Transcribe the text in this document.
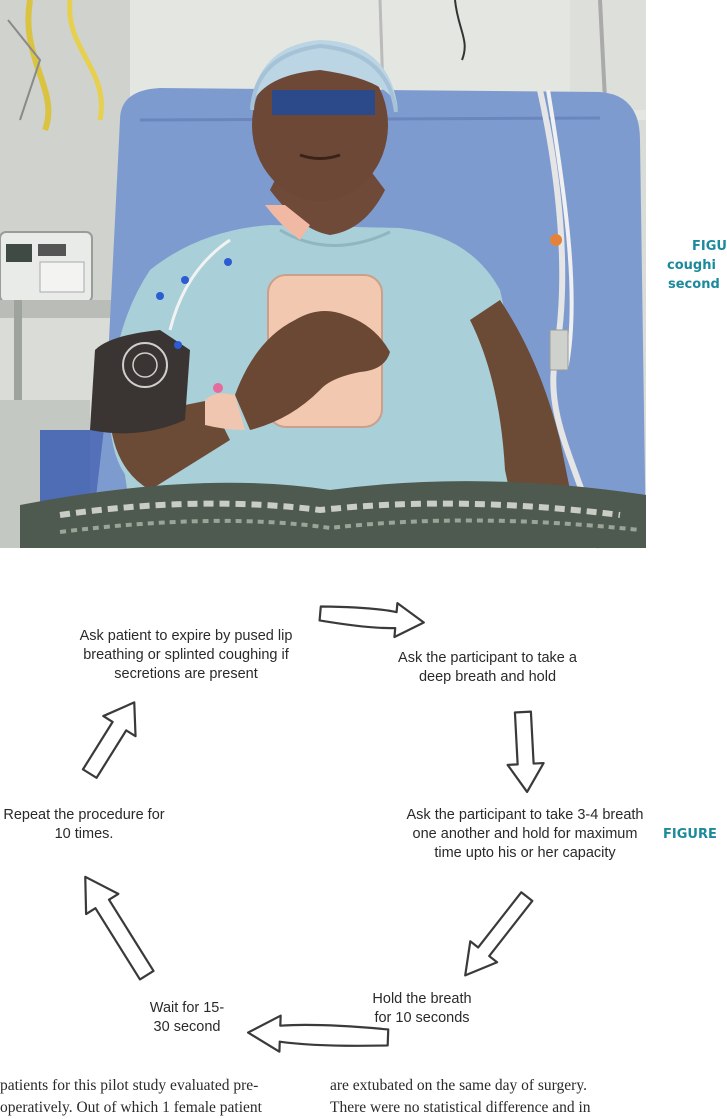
FIGU
coughi
second
FIGURE
Ask patient to expire by pused lip breathing or splinted coughing if secretions are present
Ask the participant to take a deep breath and hold
Ask the participant to take 3-4 breath one another and hold for maximum time upto his or her capacity
Hold the breath for 10 seconds
Wait for 15-30 second
Repeat the procedure for 10 times.
patients for this pilot study evaluated pre-
operatively. Out of which 1 female patient
are extubated on the same day of surgery.
There were no statistical difference and in
